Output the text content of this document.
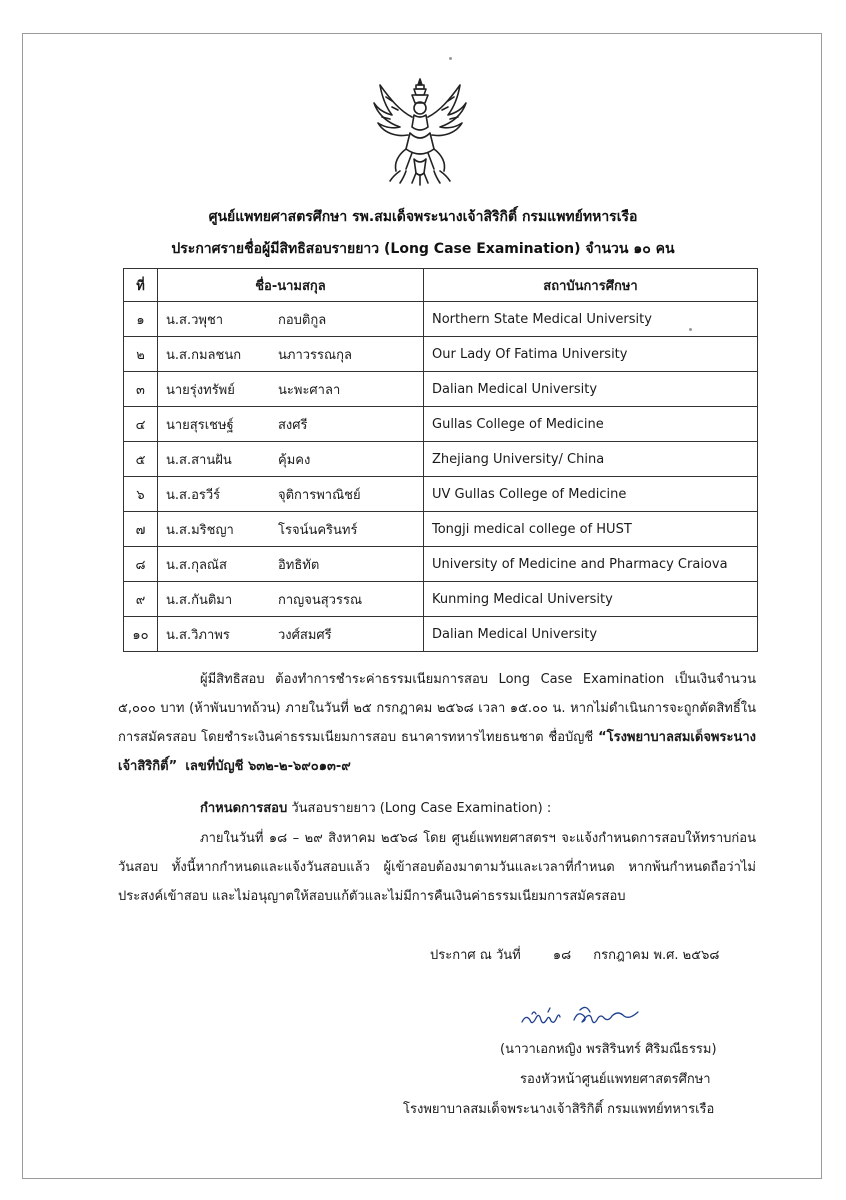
ศูนย์แพทยศาสตรศึกษา รพ.สมเด็จพระนางเจ้าสิริกิติ์ กรมแพทย์ทหารเรือ
ประกาศรายชื่อผู้มีสิทธิสอบรายยาว (Long Case Examination) จำนวน ๑๐ คน
ที่	ชื่อ-นามสกุล	สถาบันการศึกษา
๑	น.ส.วพุชา กอบติกูล	Northern State Medical University
๒	น.ส.กมลชนก นภาวรรณกุล	Our Lady Of Fatima University
๓	นายรุ่งทรัพย์ นะพะศาลา	Dalian Medical University
๔	นายสุรเชษฐ์ สงศรี	Gullas College of Medicine
๕	น.ส.สานฝัน คุ้มคง	Zhejiang University/ China
๖	น.ส.อรวีร์ จุติการพาณิชย์	UV Gullas College of Medicine
๗	น.ส.มริชญา โรจน์นครินทร์	Tongji medical college of HUST
๘	น.ส.กุลณัส อิทธิทัต	University of Medicine and Pharmacy Craiova
๙	น.ส.กันติมา กาญจนสุวรรณ	Kunming Medical University
๑๐	น.ส.วิภาพร วงศ์สมศรี	Dalian Medical University
ผู้มีสิทธิสอบ ต้องทำการชำระค่าธรรมเนียมการสอบ Long Case Examination เป็นเงินจำนวน ๕,๐๐๐ บาท (ห้าพันบาทถ้วน) ภายในวันที่ ๒๕ กรกฎาคม ๒๕๖๘ เวลา ๑๕.๐๐ น. หากไม่ดำเนินการจะถูกตัดสิทธิ์ในการสมัครสอบ โดยชำระเงินค่าธรรมเนียมการสอบ ธนาคารทหารไทยธนชาต ชื่อบัญชี “โรงพยาบาลสมเด็จพระนางเจ้าสิริกิติ์” เลขที่บัญชี ๖๓๒-๒-๖๙๐๑๓-๙
กำหนดการสอบ วันสอบรายยาว (Long Case Examination) :
ภายในวันที่ ๑๘ – ๒๙ สิงหาคม ๒๕๖๘ โดย ศูนย์แพทยศาสตรฯ จะแจ้งกำหนดการสอบให้ทราบก่อนวันสอบ ทั้งนี้หากกำหนดและแจ้งวันสอบแล้ว ผู้เข้าสอบต้องมาตามวันและเวลาที่กำหนด หากพ้นกำหนดถือว่าไม่ประสงค์เข้าสอบ และไม่อนุญาตให้สอบแก้ตัวและไม่มีการคืนเงินค่าธรรมเนียมการสมัครสอบ
ประกาศ ณ วันที่ ๑๘ กรกฎาคม พ.ศ. ๒๕๖๘
(นาวาเอกหญิง พรสิรินทร์ ศิริมณีธรรม)
รองหัวหน้าศูนย์แพทยศาสตรศึกษา
โรงพยาบาลสมเด็จพระนางเจ้าสิริกิติ์ กรมแพทย์ทหารเรือ
